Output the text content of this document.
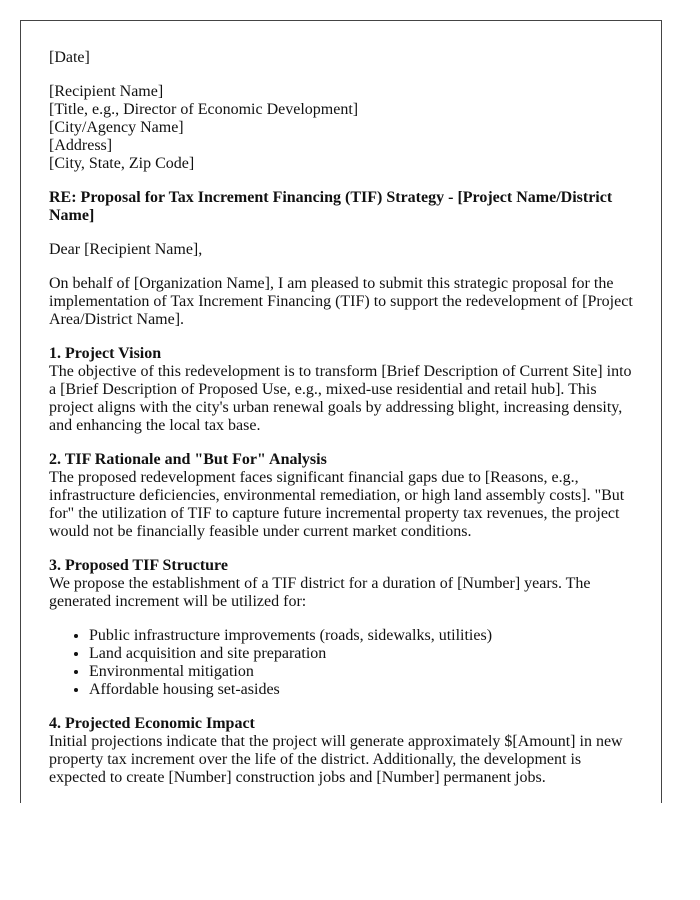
[Date]

[Recipient Name]
[Title, e.g., Director of Economic Development]
[City/Agency Name]
[Address]
[City, State, Zip Code]

RE: Proposal for Tax Increment Financing (TIF) Strategy - [Project Name/District Name]

Dear [Recipient Name],

On behalf of [Organization Name], I am pleased to submit this strategic proposal for the implementation of Tax Increment Financing (TIF) to support the redevelopment of [Project Area/District Name].

1. Project Vision
The objective of this redevelopment is to transform [Brief Description of Current Site] into a [Brief Description of Proposed Use, e.g., mixed-use residential and retail hub]. This project aligns with the city's urban renewal goals by addressing blight, increasing density, and enhancing the local tax base.

2. TIF Rationale and "But For" Analysis
The proposed redevelopment faces significant financial gaps due to [Reasons, e.g., infrastructure deficiencies, environmental remediation, or high land assembly costs]. "But for" the utilization of TIF to capture future incremental property tax revenues, the project would not be financially feasible under current market conditions.

3. Proposed TIF Structure
We propose the establishment of a TIF district for a duration of [Number] years. The generated increment will be utilized for:

• Public infrastructure improvements (roads, sidewalks, utilities)
• Land acquisition and site preparation
• Environmental mitigation
• Affordable housing set-asides

4. Projected Economic Impact
Initial projections indicate that the project will generate approximately $[Amount] in new property tax increment over the life of the district. Additionally, the development is expected to create [Number] construction jobs and [Number] permanent jobs.
